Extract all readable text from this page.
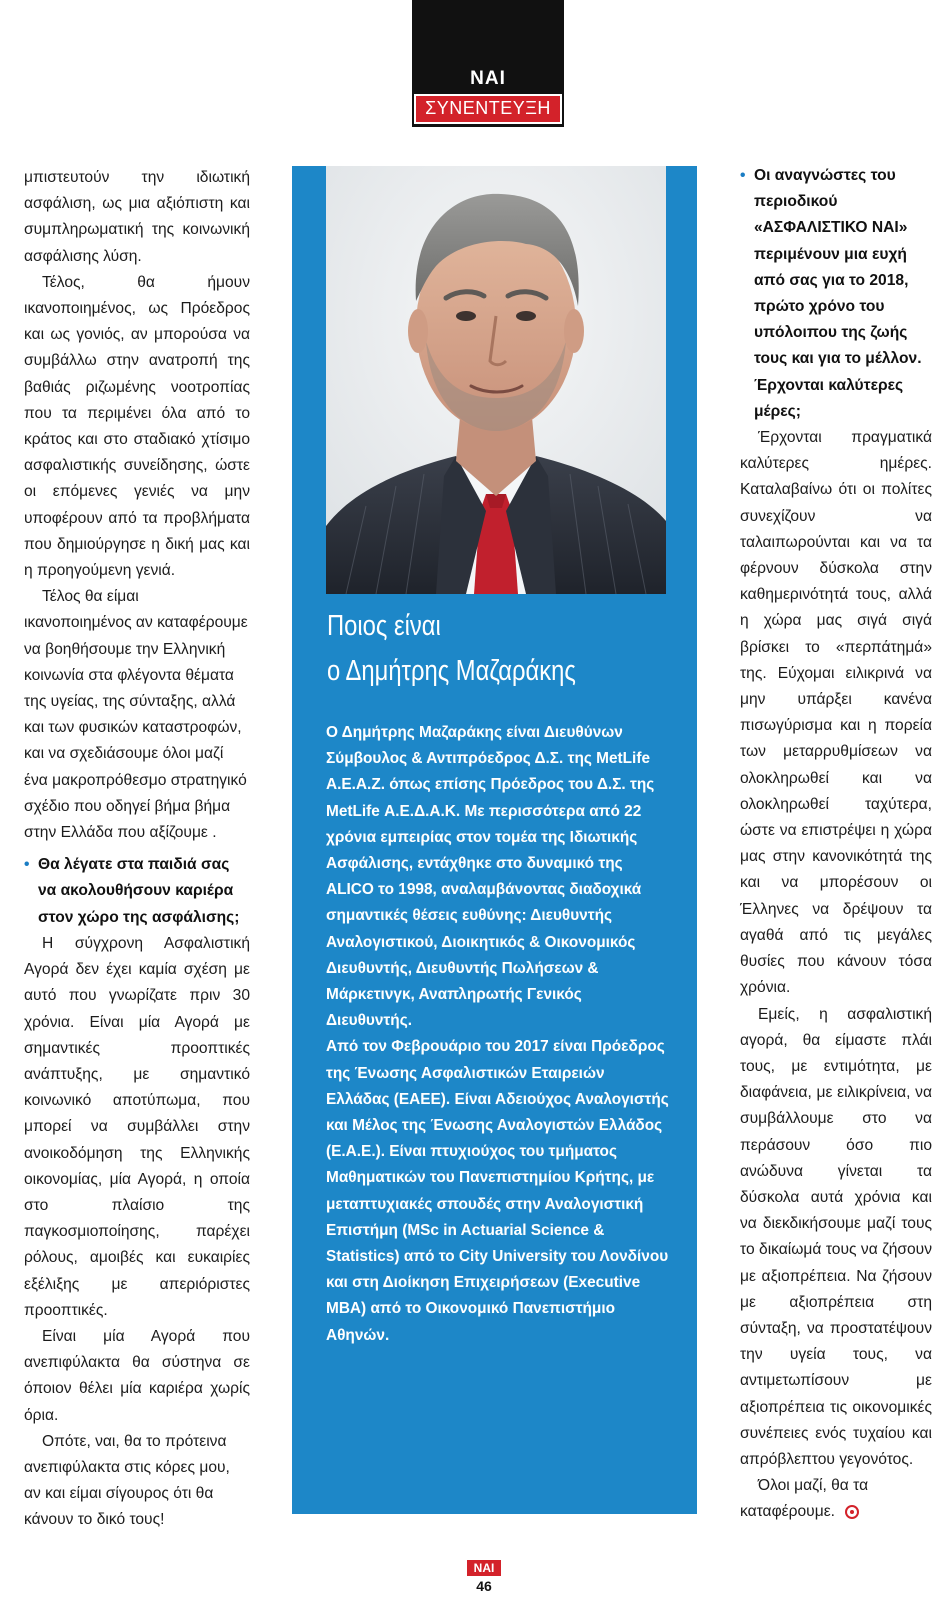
ΝΑΙ
ΣΥΝΕΝΤΕΥΞΗ

μπιστευτούν την ιδιωτική ασφάλιση, ως μια αξιόπιστη και συμπληρωματική της κοινωνική ασφάλισης λύση.

Τέλος, θα ήμουν ικανοποιημένος, ως Πρόεδρος και ως γονιός, αν μπορούσα να συμβάλλω στην ανατροπή της βαθιάς ριζωμένης νοοτροπίας που τα περιμένει όλα από το κράτος και στο σταδιακό χτίσιμο ασφαλιστικής συνείδησης, ώστε οι επόμενες γενιές να μην υποφέρουν από τα προβλήματα που δημιούργησε η δική μας και η προηγούμενη γενιά.

Τέλος θα είμαι ικανοποιημένος αν καταφέρουμε να βοηθήσουμε την Ελληνική κοινωνία στα φλέγοντα θέματα της υγείας, της σύνταξης, αλλά και των φυσικών καταστροφών, και να σχεδιάσουμε όλοι μαζί ένα μακροπρόθεσμο στρατηγικό σχέδιο που οδηγεί βήμα βήμα στην Ελλάδα που αξίζουμε .

• Θα λέγατε στα παιδιά σας να ακολουθήσουν καριέρα στον χώρο της ασφάλισης;

Η σύγχρονη Ασφαλιστική Αγορά δεν έχει καμία σχέση με αυτό που γνωρίζατε πριν 30 χρόνια. Είναι μία Αγορά με σημαντικές προοπτικές ανάπτυξης, με σημαντικό κοινωνικό αποτύπωμα, που μπορεί να συμβάλλει στην ανοικοδόμηση της Ελληνικής οικονομίας, μία Αγορά, η οποία στο πλαίσιο της παγκοσμιοποίησης, παρέχει ρόλους, αμοιβές και ευκαιρίες εξέλιξης με απεριόριστες προοπτικές.

Είναι μία Αγορά που ανεπιφύλακτα θα σύστηνα σε όποιον θέλει μία καριέρα χωρίς όρια.

Οπότε, ναι, θα το πρότεινα ανεπιφύλακτα στις κόρες μου, αν και είμαι σίγουρος ότι θα κάνουν το δικό τους!

Ποιος είναι
ο Δημήτρης Μαζαράκης

Ο Δημήτρης Μαζαράκης είναι Διευθύνων Σύμβουλος & Αντιπρόεδρος Δ.Σ. της MetLife Α.Ε.Α.Ζ. όπως επίσης Πρόεδρος του Δ.Σ. της MetLife Α.Ε.Δ.Α.Κ. Με περισσότερα από 22 χρόνια εμπειρίας στον τομέα της Ιδιωτικής Ασφάλισης, εντάχθηκε στο δυναμικό της ALICO το 1998, αναλαμβάνοντας διαδοχικά σημαντικές θέσεις ευθύνης: Διευθυντής Αναλογιστικού, Διοικητικός & Οικονομικός Διευθυντής, Διευθυντής Πωλήσεων & Μάρκετινγκ, Αναπληρωτής Γενικός Διευθυντής.

Από τον Φεβρουάριο του 2017 είναι Πρόεδρος της Ένωσης Ασφαλιστικών Εταιρειών Ελλάδας (ΕΑΕΕ). Είναι Αδειούχος Αναλογιστής και Μέλος της Ένωσης Αναλογιστών Ελλάδος (Ε.Α.Ε.). Είναι πτυχιούχος του τμήματος Μαθηματικών του Πανεπιστημίου Κρήτης, με μεταπτυχιακές σπουδές στην Αναλογιστική Επιστήμη (MSc in Actuarial Science & Statistics) από το City University του Λονδίνου και στη Διοίκηση Επιχειρήσεων (Executive MBA) από το Οικονομικό Πανεπιστήμιο Αθηνών.

• Οι αναγνώστες του περιοδικού «ΑΣΦΑΛΙΣΤΙΚΟ ΝΑΙ» περιμένουν μια ευχή από σας για το 2018, πρώτο χρόνο του υπόλοιπου της ζωής τους και για το μέλλον. Έρχονται καλύτερες μέρες;

Έρχονται πραγματικά καλύτερες ημέρες. Καταλαβαίνω ότι οι πολίτες συνεχίζουν να ταλαιπωρούνται και να τα φέρνουν δύσκολα στην καθημερινότητά τους, αλλά η χώρα μας σιγά σιγά βρίσκει το «περπάτημά» της. Εύχομαι ειλικρινά να μην υπάρξει κανένα πισωγύρισμα και η πορεία των μεταρρυθμίσεων να ολοκληρωθεί και να ολοκληρωθεί ταχύτερα, ώστε να επιστρέψει η χώρα μας στην κανονικότητά της και να μπορέσουν οι Έλληνες να δρέψουν τα αγαθά από τις μεγάλες θυσίες που κάνουν τόσα χρόνια.

Εμείς, η ασφαλιστική αγορά, θα είμαστε πλάι τους, με εντιμότητα, με διαφάνεια, με ειλικρίνεια, να συμβάλλουμε στο να περάσουν όσο πιο ανώδυνα γίνεται τα δύσκολα αυτά χρόνια και να διεκδικήσουμε μαζί τους το δικαίωμά τους να ζήσουν με αξιοπρέπεια. Να ζήσουν με αξιοπρέπεια στη σύνταξη, να προστατέψουν την υγεία τους, να αντιμετωπίσουν με αξιοπρέπεια τις οικονομικές συνέπειες ενός τυχαίου και απρόβλεπτου γεγονότος.

Όλοι μαζί, θα τα καταφέρουμε.

ΝΑΙ
46
